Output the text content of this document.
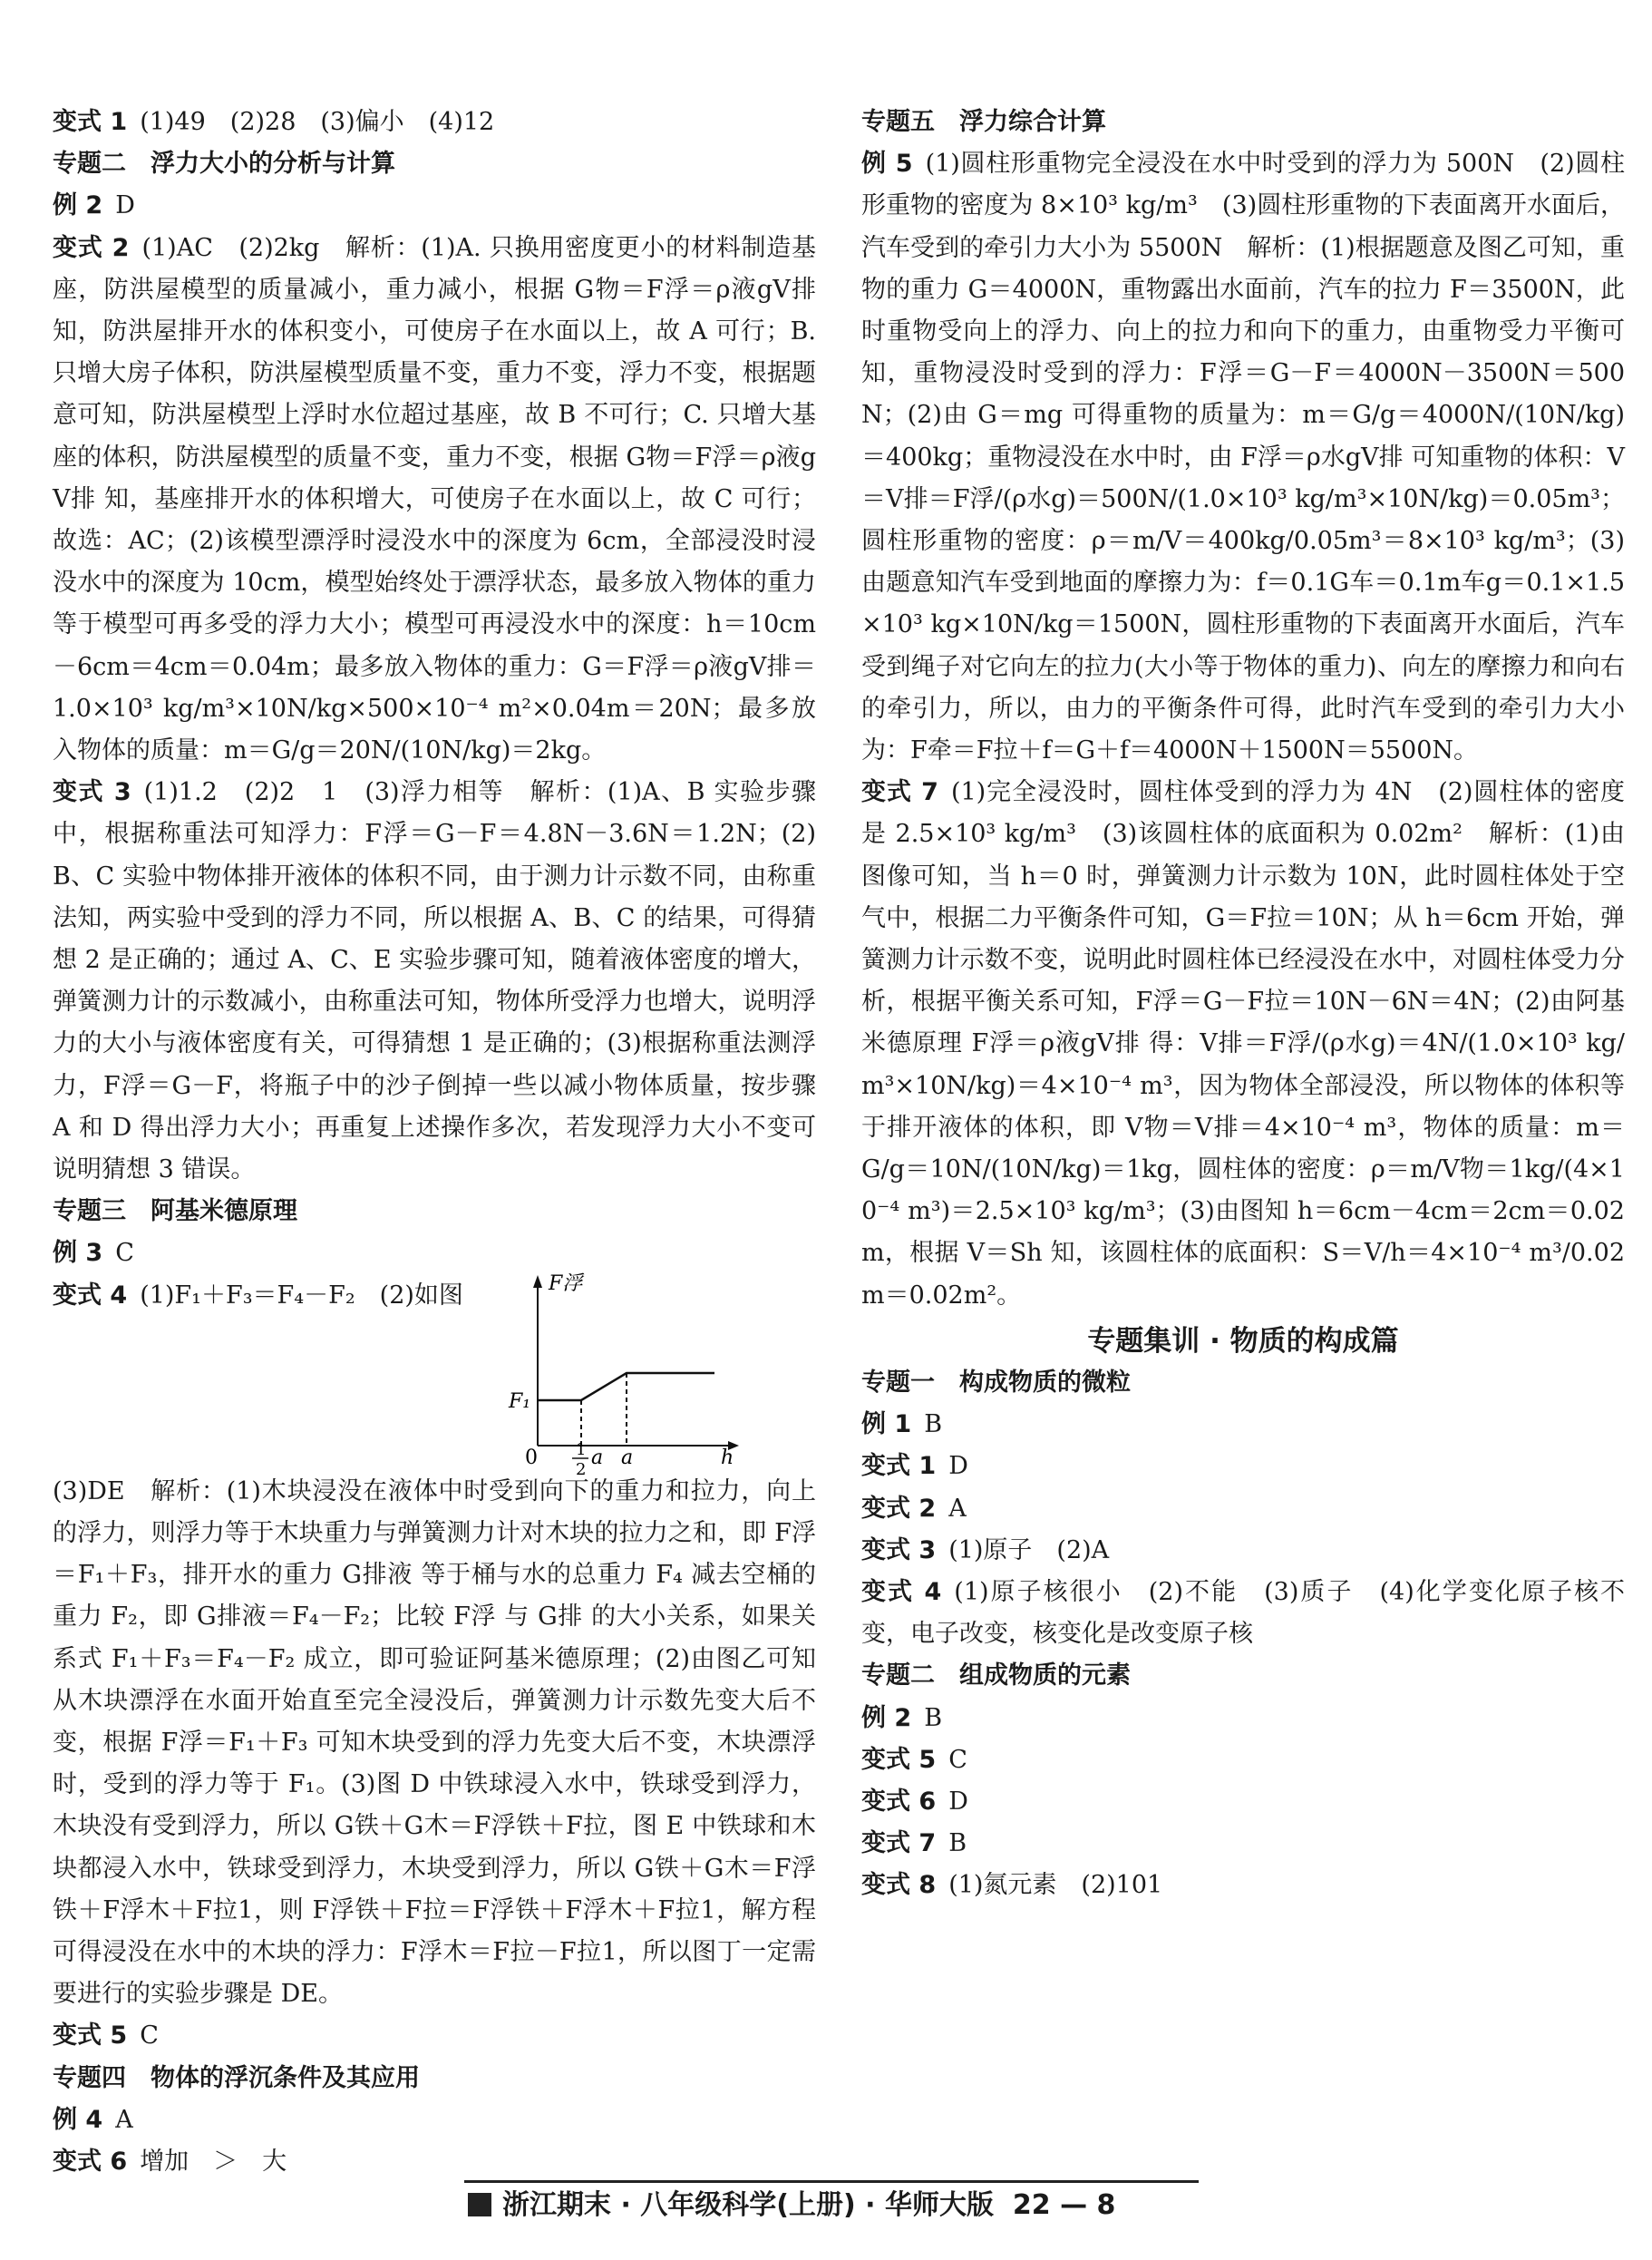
变式 1 (1)49　(2)28　(3)偏小　(4)12

专题二　浮力大小的分析与计算

例 2 D

变式 2 (1)AC　(2)2kg　解析：(1)A. 只换用密度更小的材料制造基座，防洪屋模型的质量减小，重力减小，根据 G物＝F浮＝ρ液gV排 知，防洪屋排开水的体积变小，可使房子在水面以上，故 A 可行；B. 只增大房子体积，防洪屋模型质量不变，重力不变，浮力不变，根据题意可知，防洪屋模型上浮时水位超过基座，故 B 不可行；C. 只增大基座的体积，防洪屋模型的质量不变，重力不变，根据 G物＝F浮＝ρ液gV排 知，基座排开水的体积增大，可使房子在水面以上，故 C 可行；故选：AC；(2)该模型漂浮时浸没水中的深度为 6cm，全部浸没时浸没水中的深度为 10cm，模型始终处于漂浮状态，最多放入物体的重力等于模型可再多受的浮力大小；模型可再浸没水中的深度：h＝10cm－6cm＝4cm＝0.04m；最多放入物体的重力：G＝F浮＝ρ液gV排＝1.0×10³ kg/m³×10N/kg×500×10⁻⁴ m²×0.04m＝20N；最多放入物体的质量：m＝G/g＝20N/(10N/kg)＝2kg。

变式 3 (1)1.2　(2)2　1　(3)浮力相等　解析：(1)A、B 实验步骤中，根据称重法可知浮力：F浮＝G－F＝4.8N－3.6N＝1.2N；(2)B、C 实验中物体排开液体的体积不同，由于测力计示数不同，由称重法知，两实验中受到的浮力不同，所以根据 A、B、C 的结果，可得猜想 2 是正确的；通过 A、C、E 实验步骤可知，随着液体密度的增大，弹簧测力计的示数减小，由称重法可知，物体所受浮力也增大，说明浮力的大小与液体密度有关，可得猜想 1 是正确的；(3)根据称重法测浮力，F浮＝G－F，将瓶子中的沙子倒掉一些以减小物体质量，按步骤 A 和 D 得出浮力大小；再重复上述操作多次，若发现浮力大小不变可说明猜想 3 错误。

专题三　阿基米德原理

例 3 C

变式 4 (1)F₁＋F₃＝F₄－F₂　(2)如图	F浮
F₁
0 1
2
a a	h

(3)DE　解析：(1)木块浸没在液体中时受到向下的重力和拉力，向上的浮力，则浮力等于木块重力与弹簧测力计对木块的拉力之和，即 F浮＝F₁＋F₃，排开水的重力 G排液 等于桶与水的总重力 F₄ 减去空桶的重力 F₂，即 G排液＝F₄－F₂；比较 F浮 与 G排 的大小关系，如果关系式 F₁＋F₃＝F₄－F₂ 成立，即可验证阿基米德原理；(2)由图乙可知从木块漂浮在水面开始直至完全浸没后，弹簧测力计示数先变大后不变，根据 F浮＝F₁＋F₃ 可知木块受到的浮力先变大后不变，木块漂浮时，受到的浮力等于 F₁。(3)图 D 中铁球浸入水中，铁球受到浮力，木块没有受到浮力，所以 G铁＋G木＝F浮铁＋F拉，图 E 中铁球和木块都浸入水中，铁球受到浮力，木块受到浮力，所以 G铁＋G木＝F浮铁＋F浮木＋F拉1，则 F浮铁＋F拉＝F浮铁＋F浮木＋F拉1，解方程可得浸没在水中的木块的浮力：F浮木＝F拉－F拉1，所以图丁一定需要进行的实验步骤是 DE。

变式 5 C

专题四　物体的浮沉条件及其应用

例 4 A

变式 6 增加　＞　大

专题五　浮力综合计算

例 5 (1)圆柱形重物完全浸没在水中时受到的浮力为 500N　(2)圆柱形重物的密度为 8×10³ kg/m³　(3)圆柱形重物的下表面离开水面后，汽车受到的牵引力大小为 5500N　解析：(1)根据题意及图乙可知，重物的重力 G＝4000N，重物露出水面前，汽车的拉力 F＝3500N，此时重物受向上的浮力、向上的拉力和向下的重力，由重物受力平衡可知，重物浸没时受到的浮力：F浮＝G－F＝4000N－3500N＝500N；(2)由 G＝mg 可得重物的质量为：m＝G/g＝4000N/(10N/kg)＝400kg；重物浸没在水中时，由 F浮＝ρ水gV排 可知重物的体积：V＝V排＝F浮/(ρ水g)＝500N/(1.0×10³ kg/m³×10N/kg)＝0.05m³；圆柱形重物的密度：ρ＝m/V＝400kg/0.05m³＝8×10³ kg/m³；(3)由题意知汽车受到地面的摩擦力为：f＝0.1G车＝0.1m车g＝0.1×1.5×10³ kg×10N/kg＝1500N，圆柱形重物的下表面离开水面后，汽车受到绳子对它向左的拉力(大小等于物体的重力)、向左的摩擦力和向右的牵引力，所以，由力的平衡条件可得，此时汽车受到的牵引力大小为：F牵＝F拉＋f＝G＋f＝4000N＋1500N＝5500N。

变式 7 (1)完全浸没时，圆柱体受到的浮力为 4N　(2)圆柱体的密度是 2.5×10³ kg/m³　(3)该圆柱体的底面积为 0.02m²　解析：(1)由图像可知，当 h＝0 时，弹簧测力计示数为 10N，此时圆柱体处于空气中，根据二力平衡条件可知，G＝F拉＝10N；从 h＝6cm 开始，弹簧测力计示数不变，说明此时圆柱体已经浸没在水中，对圆柱体受力分析，根据平衡关系可知，F浮＝G－F拉＝10N－6N＝4N；(2)由阿基米德原理 F浮＝ρ液gV排 得：V排＝F浮/(ρ水g)＝4N/(1.0×10³ kg/m³×10N/kg)＝4×10⁻⁴ m³，因为物体全部浸没，所以物体的体积等于排开液体的体积，即 V物＝V排＝4×10⁻⁴ m³，物体的质量：m＝G/g＝10N/(10N/kg)＝1kg，圆柱体的密度：ρ＝m/V物＝1kg/(4×10⁻⁴ m³)＝2.5×10³ kg/m³；(3)由图知 h＝6cm－4cm＝2cm＝0.02m，根据 V＝Sh 知，该圆柱体的底面积：S＝V/h＝4×10⁻⁴ m³/0.02m＝0.02m²。

专题集训 · 物质的构成篇

专题一　构成物质的微粒

例 1 B

变式 1 D

变式 2 A

变式 3 (1)原子　(2)A

变式 4 (1)原子核很小　(2)不能　(3)质子　(4)化学变化原子核不变，电子改变，核变化是改变原子核

专题二　组成物质的元素

例 2 B

变式 5 C

变式 6 D

变式 7 B

变式 8 (1)氮元素　(2)101

浙江期末 · 八年级科学(上册) · 华师大版 22 — 8
